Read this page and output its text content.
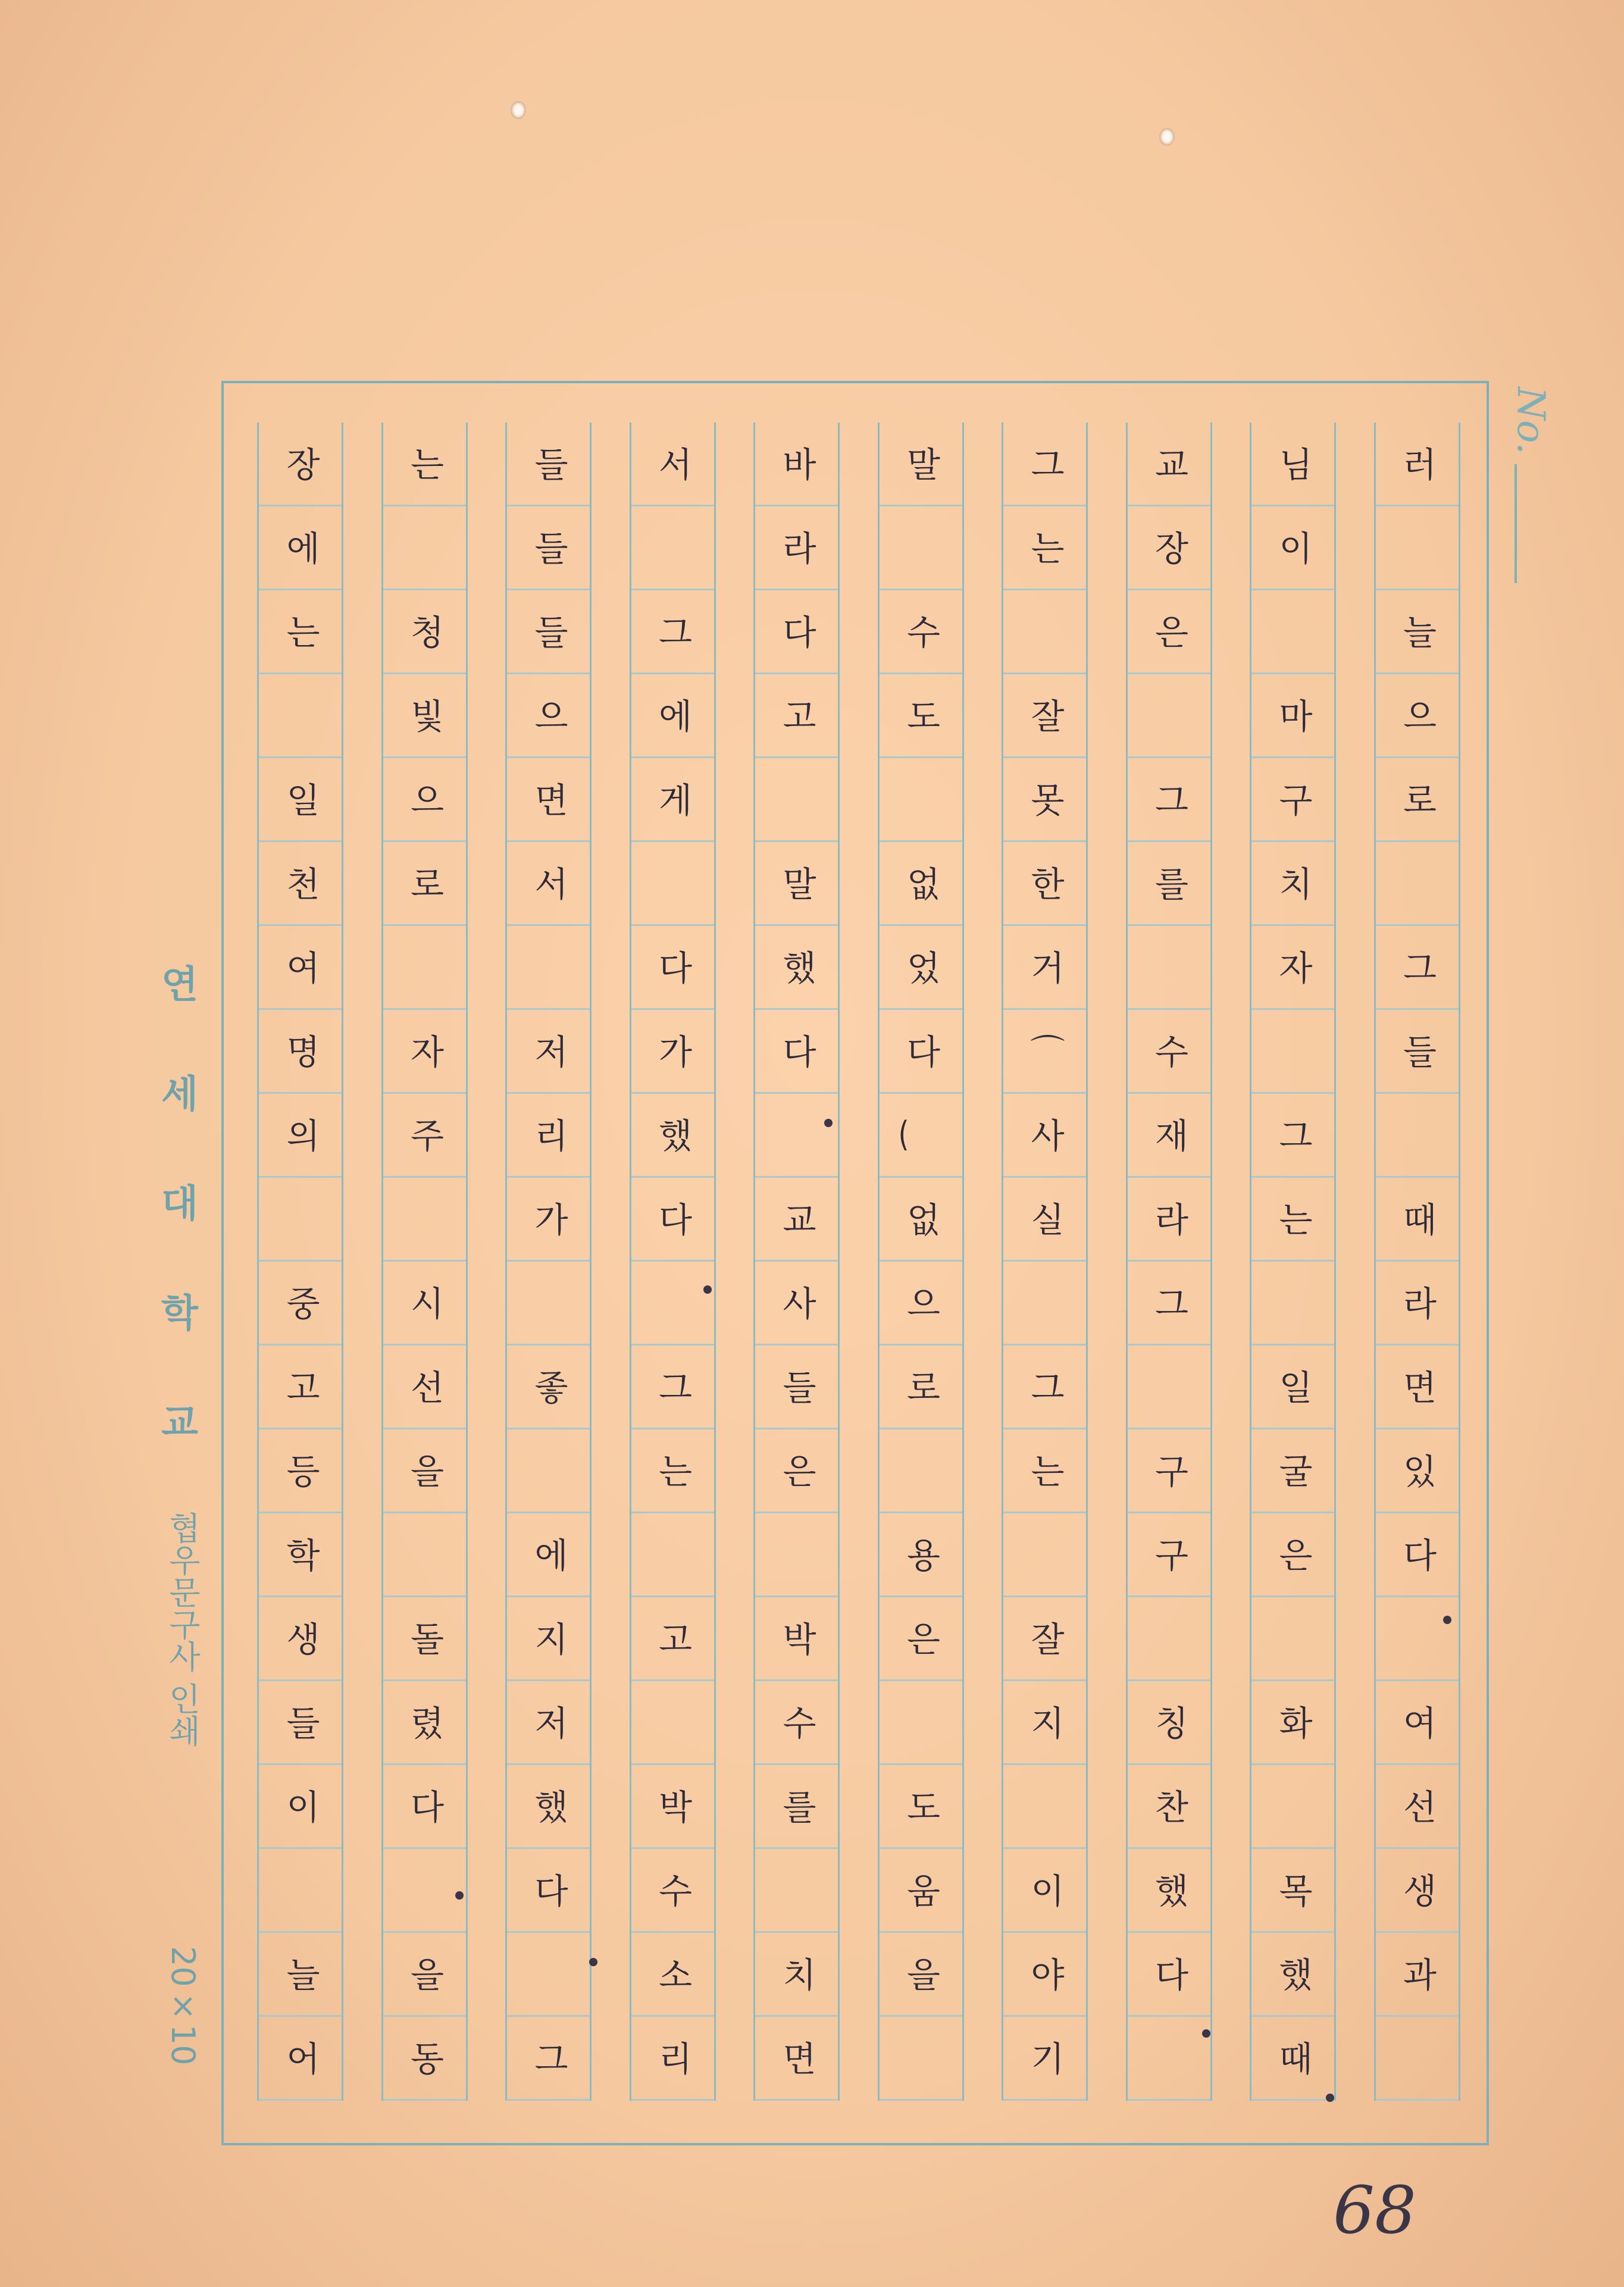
No.
러
늘
으
로
그
들
때
라
면
있
다
여
선
생
과
님
이
마
구
치
자
그
는
일
굴
은
화
목
했
때
교
장
은
그
를
수
재
라
그
구
구
칭
찬
했
다
그
는
잘
못
한
거
⌒
사
실
그
는
잘
지
이
야
기
말
수
도
없
었
다
‿
없
으
로
용
은
도
움
을
바
라
다
고
말
했
다
교
사
들
은
박
수
를
치
면
서
그
에
게
다
가
했
다
그
는
고
박
수
소
리
들
들
들
으
면
서
저
리
가
좋
에
지
저
했
다
그
는
청
빛
으
로
자
주
시
선
을
돌
렸
다
을
동
장
에
는
일
천
여
명
의
중
고
등
학
생
들
이
늘
어
연세대학교
협우문구사 인쇄
20×10
68
